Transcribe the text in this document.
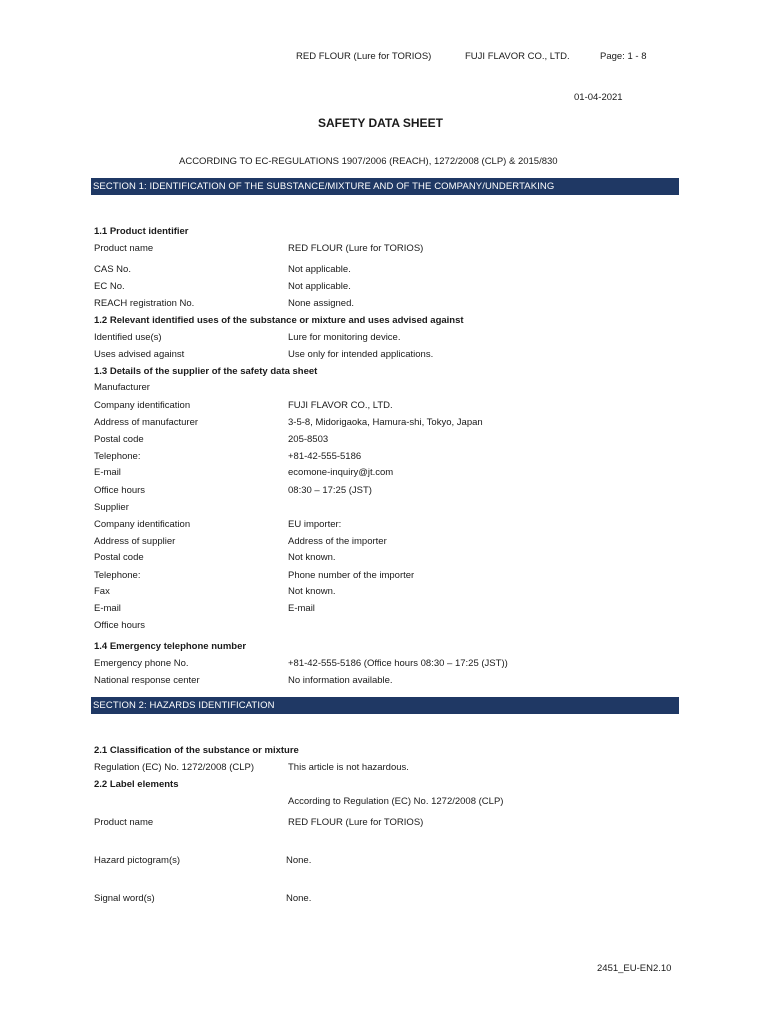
RED FLOUR (Lure for TORIOS)	FUJI FLAVOR CO., LTD.	Page: 1 - 8
01-04-2021
SAFETY DATA SHEET
ACCORDING TO EC-REGULATIONS 1907/2006 (REACH), 1272/2008 (CLP) & 2015/830
SECTION 1: IDENTIFICATION OF THE SUBSTANCE/MIXTURE AND OF THE COMPANY/UNDERTAKING
1.1 Product identifier
Product name	RED FLOUR (Lure for TORIOS)
CAS No.	Not applicable.
EC No.	Not applicable.
REACH registration No.	None assigned.
1.2 Relevant identified uses of the substance or mixture and uses advised against
Identified use(s)	Lure for monitoring device.
Uses advised against	Use only for intended applications.
1.3 Details of the supplier of the safety data sheet
Manufacturer
Company identification	FUJI FLAVOR CO., LTD.
Address of manufacturer	3-5-8, Midorigaoka, Hamura-shi, Tokyo, Japan
Postal code	205-8503
Telephone:	+81-42-555-5186
E-mail	ecomone-inquiry@jt.com
Office hours	08:30 – 17:25 (JST)
Supplier
Company identification	EU importer:
Address of supplier	Address of the importer
Postal code	Not known.
Telephone:	Phone number of the importer
Fax	Not known.
E-mail	E-mail
Office hours
1.4 Emergency telephone number
Emergency phone No.	+81-42-555-5186 (Office hours 08:30 – 17:25 (JST))
National response center	No information available.
SECTION 2: HAZARDS IDENTIFICATION
2.1 Classification of the substance or mixture
Regulation (EC) No. 1272/2008 (CLP)	This article is not hazardous.
2.2 Label elements
According to Regulation (EC) No. 1272/2008 (CLP)
Product name	RED FLOUR (Lure for TORIOS)
Hazard pictogram(s)	None.
Signal word(s)	None.
2451_EU-EN2.10
